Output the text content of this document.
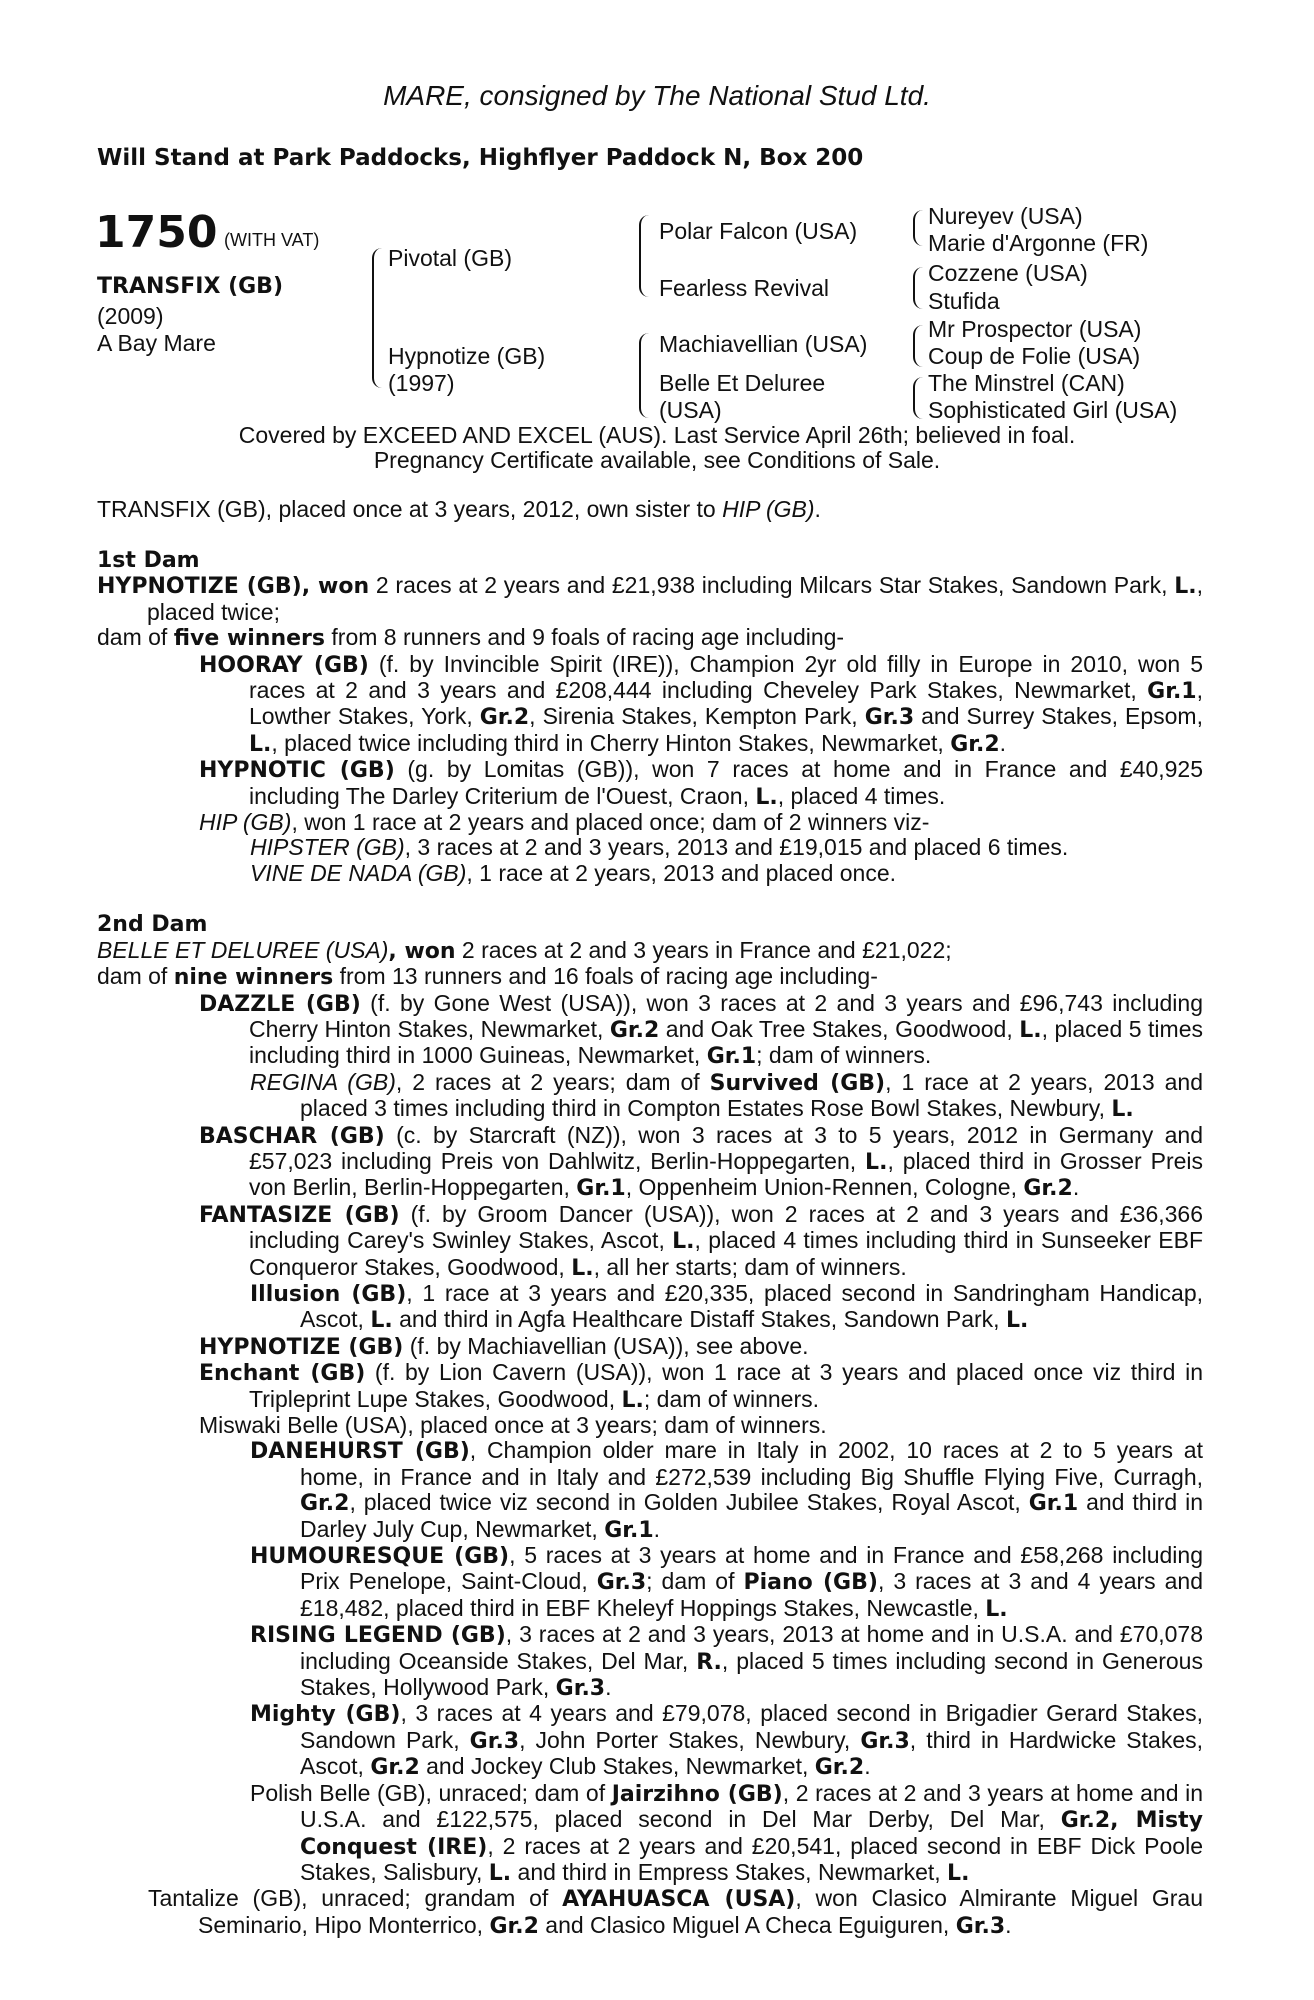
MARE, consigned by The National Stud Ltd.
Will Stand at Park Paddocks, Highflyer Paddock N, Box 200
1750 (WITH VAT)
TRANSFIX (GB)
(2009)
A Bay Mare
Pivotal (GB)
Hypnotize (GB)
(1997)
Polar Falcon (USA)
Fearless Revival
Machiavellian (USA)
Belle Et Deluree
(USA)
Nureyev (USA)
Marie d'Argonne (FR)
Cozzene (USA)
Stufida
Mr Prospector (USA)
Coup de Folie (USA)
The Minstrel (CAN)
Sophisticated Girl (USA)
Covered by EXCEED AND EXCEL (AUS). Last Service April 26th; believed in foal.
Pregnancy Certificate available, see Conditions of Sale.

TRANSFIX (GB), placed once at 3 years, 2012, own sister to HIP (GB).

1st Dam

HYPNOTIZE (GB), won 2 races at 2 years and £21,938 including Milcars Star Stakes, Sandown Park, L., placed twice;

dam of five winners from 8 runners and 9 foals of racing age including-

HOORAY (GB) (f. by Invincible Spirit (IRE)), Champion 2yr old filly in Europe in 2010, won 5 races at 2 and 3 years and £208,444 including Cheveley Park Stakes, Newmarket, Gr.1, Lowther Stakes, York, Gr.2, Sirenia Stakes, Kempton Park, Gr.3 and Surrey Stakes, Epsom, L., placed twice including third in Cherry Hinton Stakes, Newmarket, Gr.2.

HYPNOTIC (GB) (g. by Lomitas (GB)), won 7 races at home and in France and £40,925 including The Darley Criterium de l'Ouest, Craon, L., placed 4 times.

HIP (GB), won 1 race at 2 years and placed once; dam of 2 winners viz-

HIPSTER (GB), 3 races at 2 and 3 years, 2013 and £19,015 and placed 6 times.

VINE DE NADA (GB), 1 race at 2 years, 2013 and placed once.

2nd Dam

BELLE ET DELUREE (USA), won 2 races at 2 and 3 years in France and £21,022;

dam of nine winners from 13 runners and 16 foals of racing age including-

DAZZLE (GB) (f. by Gone West (USA)), won 3 races at 2 and 3 years and £96,743 including Cherry Hinton Stakes, Newmarket, Gr.2 and Oak Tree Stakes, Goodwood, L., placed 5 times including third in 1000 Guineas, Newmarket, Gr.1; dam of winners.

REGINA (GB), 2 races at 2 years; dam of Survived (GB), 1 race at 2 years, 2013 and placed 3 times including third in Compton Estates Rose Bowl Stakes, Newbury, L.

BASCHAR (GB) (c. by Starcraft (NZ)), won 3 races at 3 to 5 years, 2012 in Germany and £57,023 including Preis von Dahlwitz, Berlin-Hoppegarten, L., placed third in Grosser Preis von Berlin, Berlin-Hoppegarten, Gr.1, Oppenheim Union-Rennen, Cologne, Gr.2.

FANTASIZE (GB) (f. by Groom Dancer (USA)), won 2 races at 2 and 3 years and £36,366 including Carey's Swinley Stakes, Ascot, L., placed 4 times including third in Sunseeker EBF Conqueror Stakes, Goodwood, L., all her starts; dam of winners.

Illusion (GB), 1 race at 3 years and £20,335, placed second in Sandringham Handicap, Ascot, L. and third in Agfa Healthcare Distaff Stakes, Sandown Park, L.

HYPNOTIZE (GB) (f. by Machiavellian (USA)), see above.

Enchant (GB) (f. by Lion Cavern (USA)), won 1 race at 3 years and placed once viz third in Tripleprint Lupe Stakes, Goodwood, L.; dam of winners.

Miswaki Belle (USA), placed once at 3 years; dam of winners.

DANEHURST (GB), Champion older mare in Italy in 2002, 10 races at 2 to 5 years at home, in France and in Italy and £272,539 including Big Shuffle Flying Five, Curragh, Gr.2, placed twice viz second in Golden Jubilee Stakes, Royal Ascot, Gr.1 and third in Darley July Cup, Newmarket, Gr.1.

HUMOURESQUE (GB), 5 races at 3 years at home and in France and £58,268 including Prix Penelope, Saint-Cloud, Gr.3; dam of Piano (GB), 3 races at 3 and 4 years and £18,482, placed third in EBF Kheleyf Hoppings Stakes, Newcastle, L.

RISING LEGEND (GB), 3 races at 2 and 3 years, 2013 at home and in U.S.A. and £70,078 including Oceanside Stakes, Del Mar, R., placed 5 times including second in Generous Stakes, Hollywood Park, Gr.3.

Mighty (GB), 3 races at 4 years and £79,078, placed second in Brigadier Gerard Stakes, Sandown Park, Gr.3, John Porter Stakes, Newbury, Gr.3, third in Hardwicke Stakes, Ascot, Gr.2 and Jockey Club Stakes, Newmarket, Gr.2.

Polish Belle (GB), unraced; dam of Jairzihno (GB), 2 races at 2 and 3 years at home and in U.S.A. and £122,575, placed second in Del Mar Derby, Del Mar, Gr.2, Misty Conquest (IRE), 2 races at 2 years and £20,541, placed second in EBF Dick Poole Stakes, Salisbury, L. and third in Empress Stakes, Newmarket, L.

Tantalize (GB), unraced; grandam of AYAHUASCA (USA), won Clasico Almirante Miguel Grau Seminario, Hipo Monterrico, Gr.2 and Clasico Miguel A Checa Eguiguren, Gr.3.
